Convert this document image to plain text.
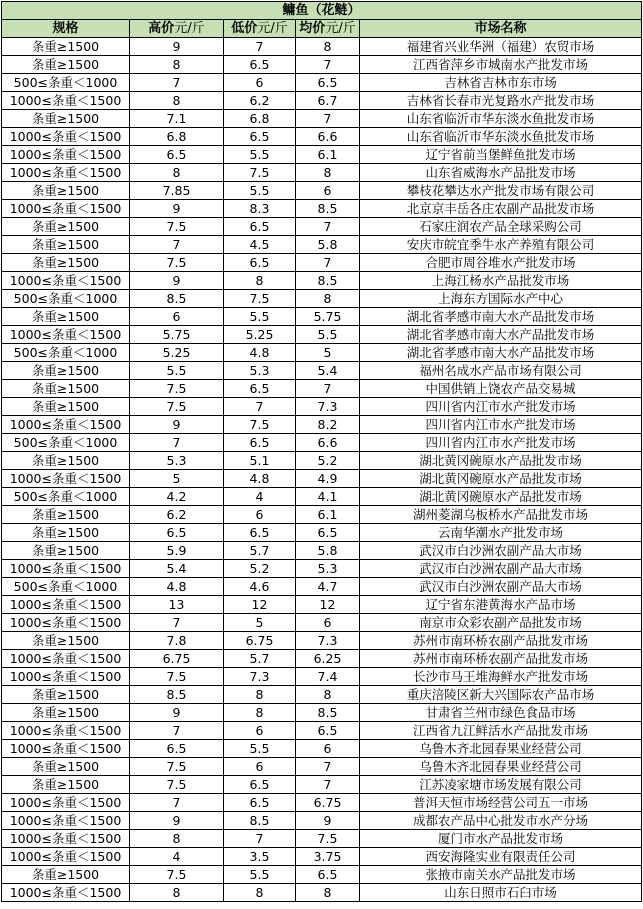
鳙鱼（花鲢）				
规格	高价元/斤	低价元/斤	均价元/斤	市场名称
条重≥1500	9	7	8	福建省兴业华洲（福建）农贸市场
条重≥1500	8	6.5	7	江西省萍乡市城南水产批发市场
500≤条重＜1000	7	6	6.5	吉林省吉林市东市场
1000≤条重＜1500	8	6.2	6.7	吉林省长春市光复路水产批发市场
条重≥1500	7.1	6.8	7	山东省临沂市华东淡水鱼批发市场
1000≤条重＜1500	6.8	6.5	6.6	山东省临沂市华东淡水鱼批发市场
1000≤条重＜1500	6.5	5.5	6.1	辽宁省前当堡鲜鱼批发市场
1000≤条重＜1500	8	7.5	8	山东省威海水产品批发市场
条重≥1500	7.85	5.5	6	攀枝花攀达水产批发市场有限公司
1000≤条重＜1500	9	8.3	8.5	北京京丰岳各庄农副产品批发市场
条重≥1500	7.5	6.5	7	石家庄润农产品全球采购公司
条重≥1500	7	4.5	5.8	安庆市皖宜季牛水产养殖有限公司
条重≥1500	7.5	6.5	7	合肥市周谷堆水产批发市场
1000≤条重＜1500	9	8	8.5	上海江杨水产品批发市场
500≤条重＜1000	8.5	7.5	8	上海东方国际水产中心
条重≥1500	6	5.5	5.75	湖北省孝感市南大水产品批发市场
1000≤条重＜1500	5.75	5.25	5.5	湖北省孝感市南大水产品批发市场
500≤条重＜1000	5.25	4.8	5	湖北省孝感市南大水产品批发市场
条重≥1500	5.5	5.3	5.4	福州名成水产品市场有限公司
条重≥1500	7.5	6.5	7	中国供销上饶农产品交易城
条重≥1500	7.5	7	7.3	四川省内江市水产批发市场
1000≤条重＜1500	9	7.5	8.2	四川省内江市水产批发市场
500≤条重＜1000	7	6.5	6.6	四川省内江市水产批发市场
条重≥1500	5.3	5.1	5.2	湖北黄冈碗原水产品批发市场
1000≤条重＜1500	5	4.8	4.9	湖北黄冈碗原水产品批发市场
500≤条重＜1000	4.2	4	4.1	湖北黄冈碗原水产品批发市场
条重≥1500	6.2	6	6.1	湖州菱湖乌板桥水产品批发市场
条重≥1500	6.5	6.5	6.5	云南华潮水产批发市场
条重≥1500	5.9	5.7	5.8	武汉市白沙洲农副产品大市场
1000≤条重＜1500	5.4	5.2	5.3	武汉市白沙洲农副产品大市场
500≤条重＜1000	4.8	4.6	4.7	武汉市白沙洲农副产品大市场
1000≤条重＜1500	13	12	12	辽宁省东港黄海水产品市场
1000≤条重＜1500	7	5	6	南京市众彩农副产品批发市场
条重≥1500	7.8	6.75	7.3	苏州市南环桥农副产品批发市场
1000≤条重＜1500	6.75	5.7	6.25	苏州市南环桥农副产品批发市场
1000≤条重＜1500	7.5	7.3	7.4	长沙市马王堆海鲜水产批发市场
条重≥1500	8.5	8	8	重庆涪陵区新大兴国际农产品市场
条重≥1500	9	8	8.5	甘肃省兰州市绿色食品市场
1000≤条重＜1500	7	6	6.5	江西省九江鲜活水产品批发市场
1000≤条重＜1500	6.5	5.5	6	乌鲁木齐北园春果业经营公司
条重≥1500	7.5	6	7	乌鲁木齐北园春果业经营公司
条重≥1500	7.5	6.5	7	江苏凌家塘市场发展有限公司
1000≤条重＜1500	7	6.5	6.75	普洱天恒市场经营公司五一市场
1000≤条重＜1500	9	8.5	9	成都农产品中心批发市水产分场
1000≤条重＜1500	8	7	7.5	厦门市水产品批发市场
1000≤条重＜1500	4	3.5	3.75	西安海隆实业有限责任公司
条重≥1500	7.5	5.5	6.5	张掖市南关水产品批发市场
1000≤条重＜1500	8	8	8	山东日照市石臼市场
